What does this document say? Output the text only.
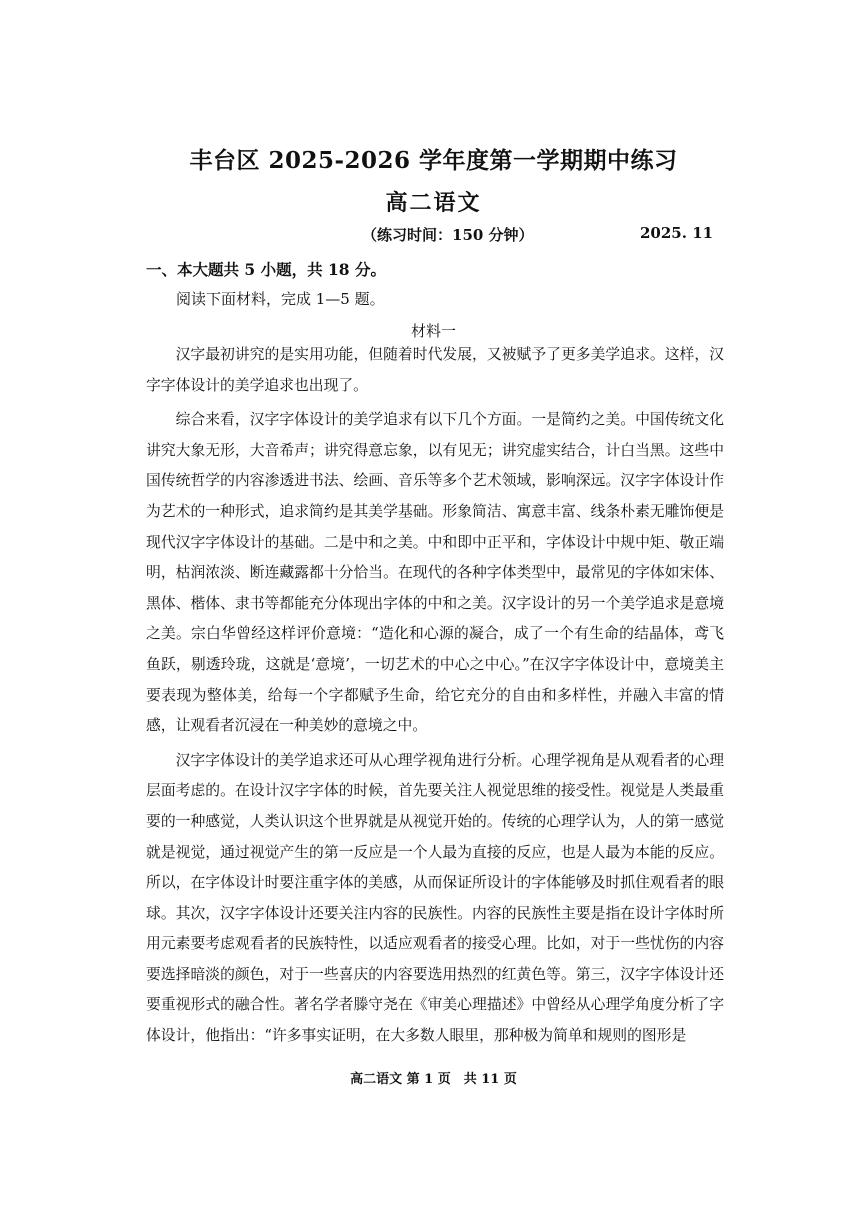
丰台区 2025-2026 学年度第一学期期中练习
高二语文
（练习时间：150 分钟）	2025. 11
一、本大题共 5 小题，共 18 分。
阅读下面材料，完成 1—5 题。
材料一

汉字最初讲究的是实用功能，但随着时代发展，又被赋予了更多美学追求。这样，汉字字体设计的美学追求也出现了。

综合来看，汉字字体设计的美学追求有以下几个方面。一是简约之美。中国传统文化讲究大象无形，大音希声；讲究得意忘象，以有见无；讲究虚实结合，计白当黑。这些中国传统哲学的内容渗透进书法、绘画、音乐等多个艺术领域，影响深远。汉字字体设计作为艺术的一种形式，追求简约是其美学基础。形象简洁、寓意丰富、线条朴素无雕饰便是现代汉字字体设计的基础。二是中和之美。中和即中正平和，字体设计中规中矩、敬正端明，枯润浓淡、断连藏露都十分恰当。在现代的各种字体类型中，最常见的字体如宋体、黑体、楷体、隶书等都能充分体现出字体的中和之美。汉字设计的另一个美学追求是意境之美。宗白华曾经这样评价意境：“造化和心源的凝合，成了一个有生命的结晶体，鸢飞鱼跃，剔透玲珑，这就是‘意境’，一切艺术的中心之中心。”在汉字字体设计中，意境美主要表现为整体美，给每一个字都赋予生命，给它充分的自由和多样性，并融入丰富的情感，让观看者沉浸在一种美妙的意境之中。

汉字字体设计的美学追求还可从心理学视角进行分析。心理学视角是从观看者的心理层面考虑的。在设计汉字字体的时候，首先要关注人视觉思维的接受性。视觉是人类最重要的一种感觉，人类认识这个世界就是从视觉开始的。传统的心理学认为，人的第一感觉就是视觉，通过视觉产生的第一反应是一个人最为直接的反应，也是人最为本能的反应。所以，在字体设计时要注重字体的美感，从而保证所设计的字体能够及时抓住观看者的眼球。其次，汉字字体设计还要关注内容的民族性。内容的民族性主要是指在设计字体时所用元素要考虑观看者的民族特性，以适应观看者的接受心理。比如，对于一些忧伤的内容要选择暗淡的颜色，对于一些喜庆的内容要选用热烈的红黄色等。第三，汉字字体设计还要重视形式的融合性。著名学者滕守尧在《审美心理描述》中曾经从心理学角度分析了字体设计，他指出：“许多事实证明，在大多数人眼里，那种极为简单和规则的图形是

高二语文 第 1 页　共 11 页
